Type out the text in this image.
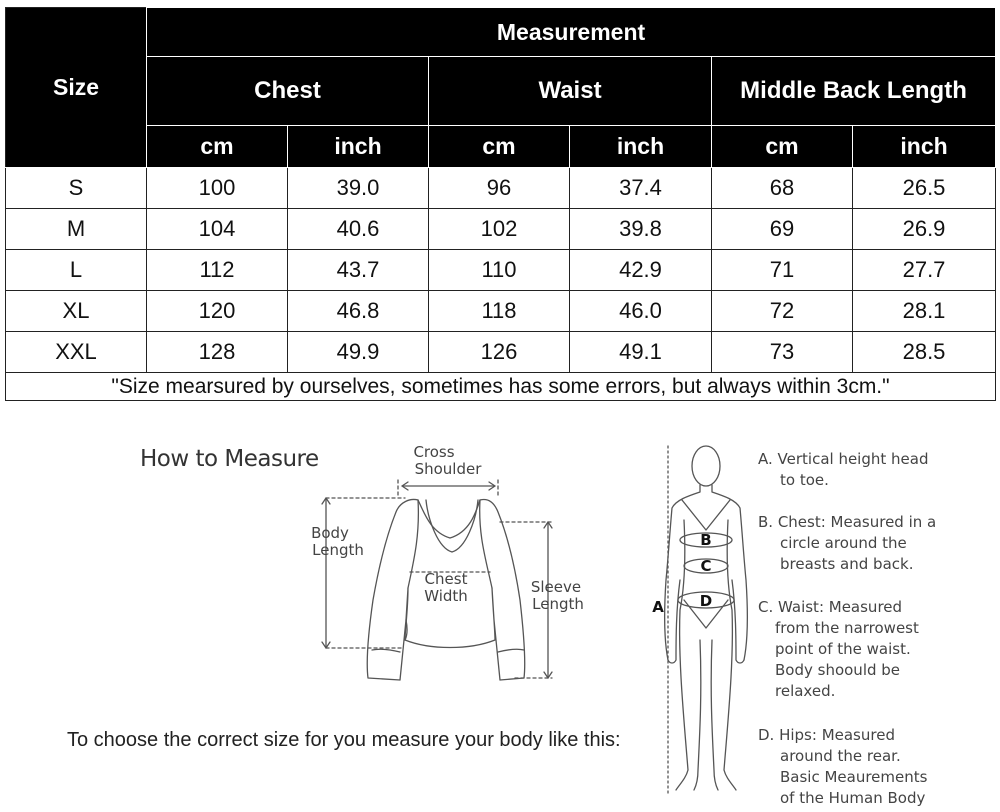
Size	Measurement					
	Chest		Waist		Middle Back Length	
	cm	inch	cm	inch	cm	inch
S	100	39.0	96	37.4	68	26.5
M	104	40.6	102	39.8	69	26.9
L	112	43.7	110	42.9	71	27.7
XL	120	46.8	118	46.0	72	28.1
XXL	128	49.9	126	49.1	73	28.5
"Size mearsured by ourselves, sometimes has some errors, but always within 3cm."						
How to Measure
To choose the correct size for you measure your body like this:
Cross
Shoulder
Body
Length
Chest
Width	Sleeve
Length
B
C
D
A

A. Vertical height head

to toe.

B. Chest: Measured in a

circle around the

breasts and back.

C. Waist: Measured

from the narrowest

point of the waist.

Body shoould be

relaxed.

D. Hips: Measured

around the rear.

Basic Meaurements

of the Human Body
